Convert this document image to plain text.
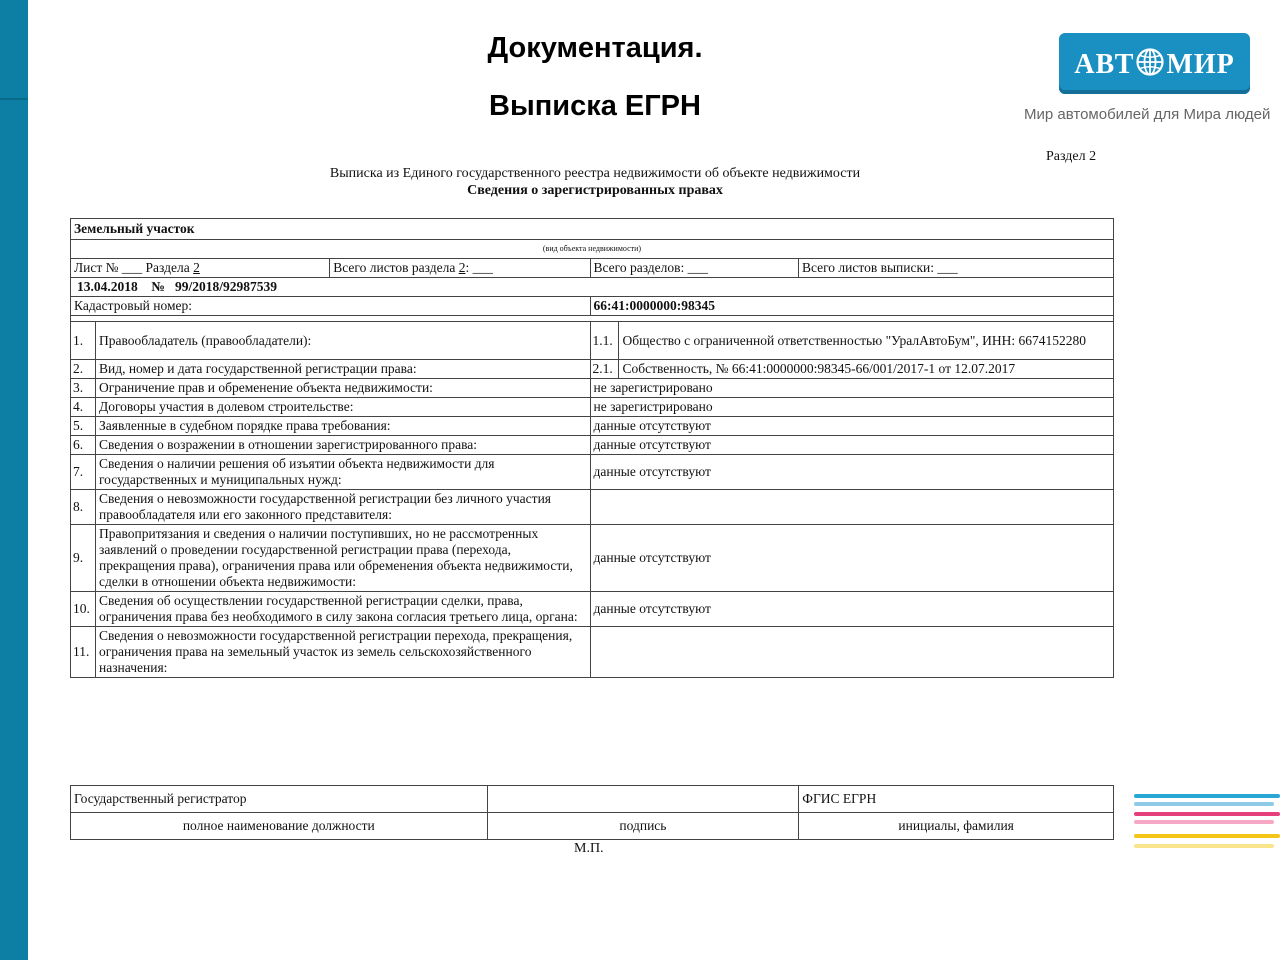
Документация.
Выписка ЕГРН
АВТ МИР
Мир автомобилей для Мира людей
Раздел 2
Выписка из Единого государственного реестра недвижимости об объекте недвижимости
Сведения о зарегистрированных правах
Земельный участок					
(вид объекта недвижимости)					
Лист № ___ Раздела 2		Всего листов раздела 2: ___	Всего разделов: ___		Всего листов выписки: ___
13.04.2018 № 99/2018/92987539					
Кадастровый номер:			66:41:0000000:98345		

1.	Правообладатель (правообладатели):		1.1.	Общество с ограниченной ответственностью "УралАвтоБум", ИНН: 6674152280	
2.	Вид, номер и дата государственной регистрации права:		2.1.	Собственность, № 66:41:0000000:98345-66/001/2017-1 от 12.07.2017	
3.	Ограничение прав и обременение объекта недвижимости:		не зарегистрировано		
4.	Договоры участия в долевом строительстве:		не зарегистрировано		
5.	Заявленные в судебном порядке права требования:		данные отсутствуют		
6.	Сведения о возражении в отношении зарегистрированного права:		данные отсутствуют		
7.	Сведения о наличии решения об изъятии объекта недвижимости для государственных и муниципальных нужд:		данные отсутствуют		
8.	Сведения о невозможности государственной регистрации без личного участия правообладателя или его законного представителя:				
9.	Правопритязания и сведения о наличии поступивших, но не рассмотренных заявлений о проведении государственной регистрации права (перехода, прекращения права), ограничения права или обременения объекта недвижимости, сделки в отношении объекта недвижимости:		данные отсутствуют		
10.	Сведения об осуществлении государственной регистрации сделки, права, ограничения права без необходимого в силу закона согласия третьего лица, органа:		данные отсутствуют		
11.	Сведения о невозможности государственной регистрации перехода, прекращения, ограничения права на земельный участок из земель сельскохозяйственного назначения:				
Государственный регистратор		ФГИС ЕГРН
полное наименование должности	подпись	инициалы, фамилия
М.П.
